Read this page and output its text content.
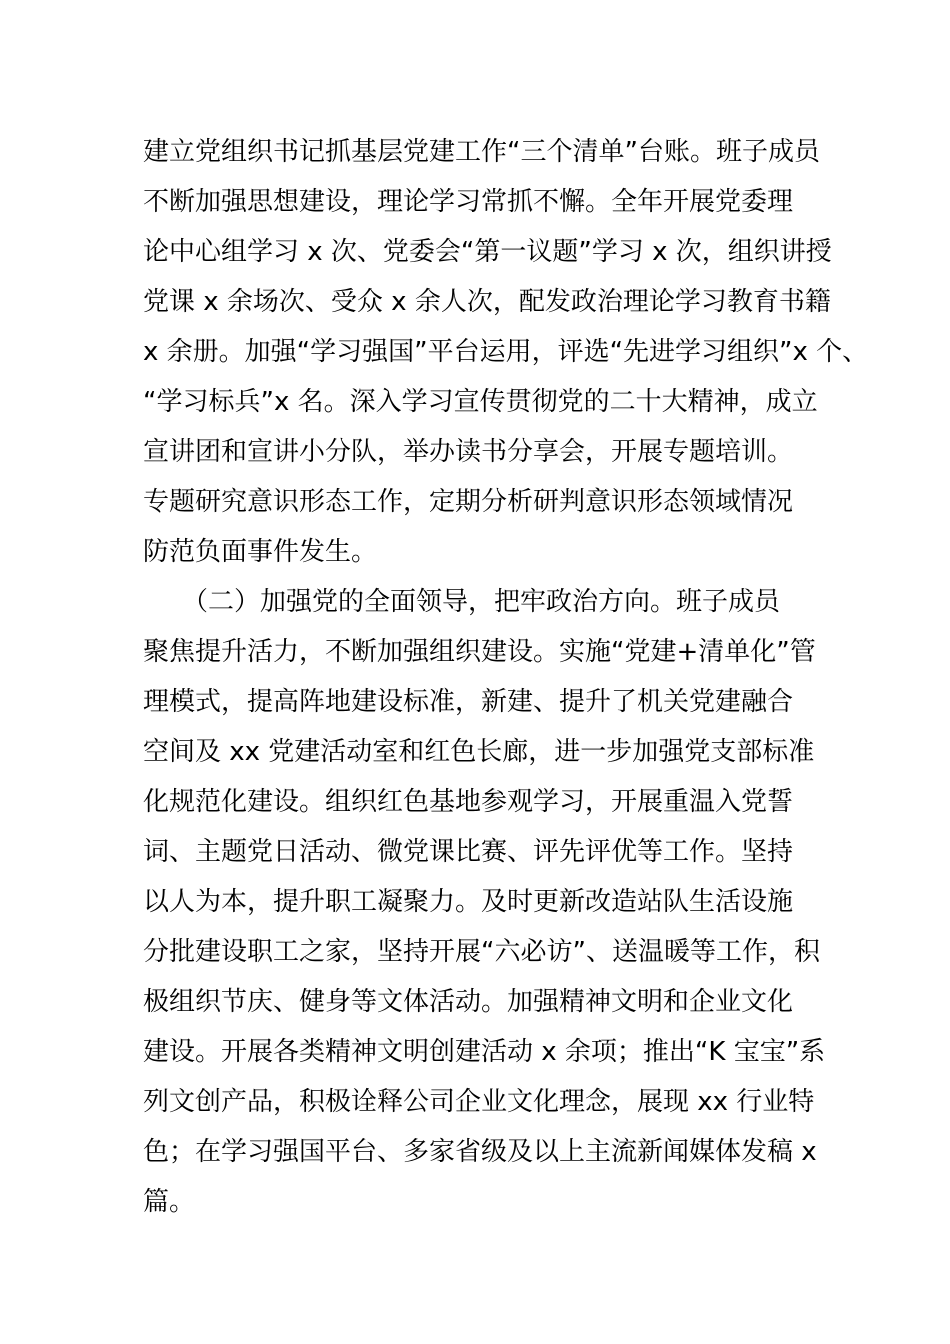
建立党组织书记抓基层党建工作“三个清单”台账。班子成员
不断加强思想建设，理论学习常抓不懈。全年开展党委理
论中心组学习 x 次、党委会“第一议题”学习 x 次，组织讲授
党课 x 余场次、受众 x 余人次，配发政治理论学习教育书籍
x 余册。加强“学习强国”平台运用，评选“先进学习组织”x 个、
“学习标兵”x 名。深入学习宣传贯彻党的二十大精神，成立
宣讲团和宣讲小分队，举办读书分享会，开展专题培训。
专题研究意识形态工作，定期分析研判意识形态领域情况
防范负面事件发生。
　　（二）加强党的全面领导，把牢政治方向。班子成员
聚焦提升活力，不断加强组织建设。实施“党建+清单化”管
理模式，提高阵地建设标准，新建、提升了机关党建融合
空间及 xx 党建活动室和红色长廊，进一步加强党支部标准
化规范化建设。组织红色基地参观学习，开展重温入党誓
词、主题党日活动、微党课比赛、评先评优等工作。坚持
以人为本，提升职工凝聚力。及时更新改造站队生活设施
分批建设职工之家，坚持开展“六必访”、送温暖等工作，积
极组织节庆、健身等文体活动。加强精神文明和企业文化
建设。开展各类精神文明创建活动 x 余项；推出“K 宝宝”系
列文创产品，积极诠释公司企业文化理念，展现 xx 行业特
色；在学习强国平台、多家省级及以上主流新闻媒体发稿 x
篇。
